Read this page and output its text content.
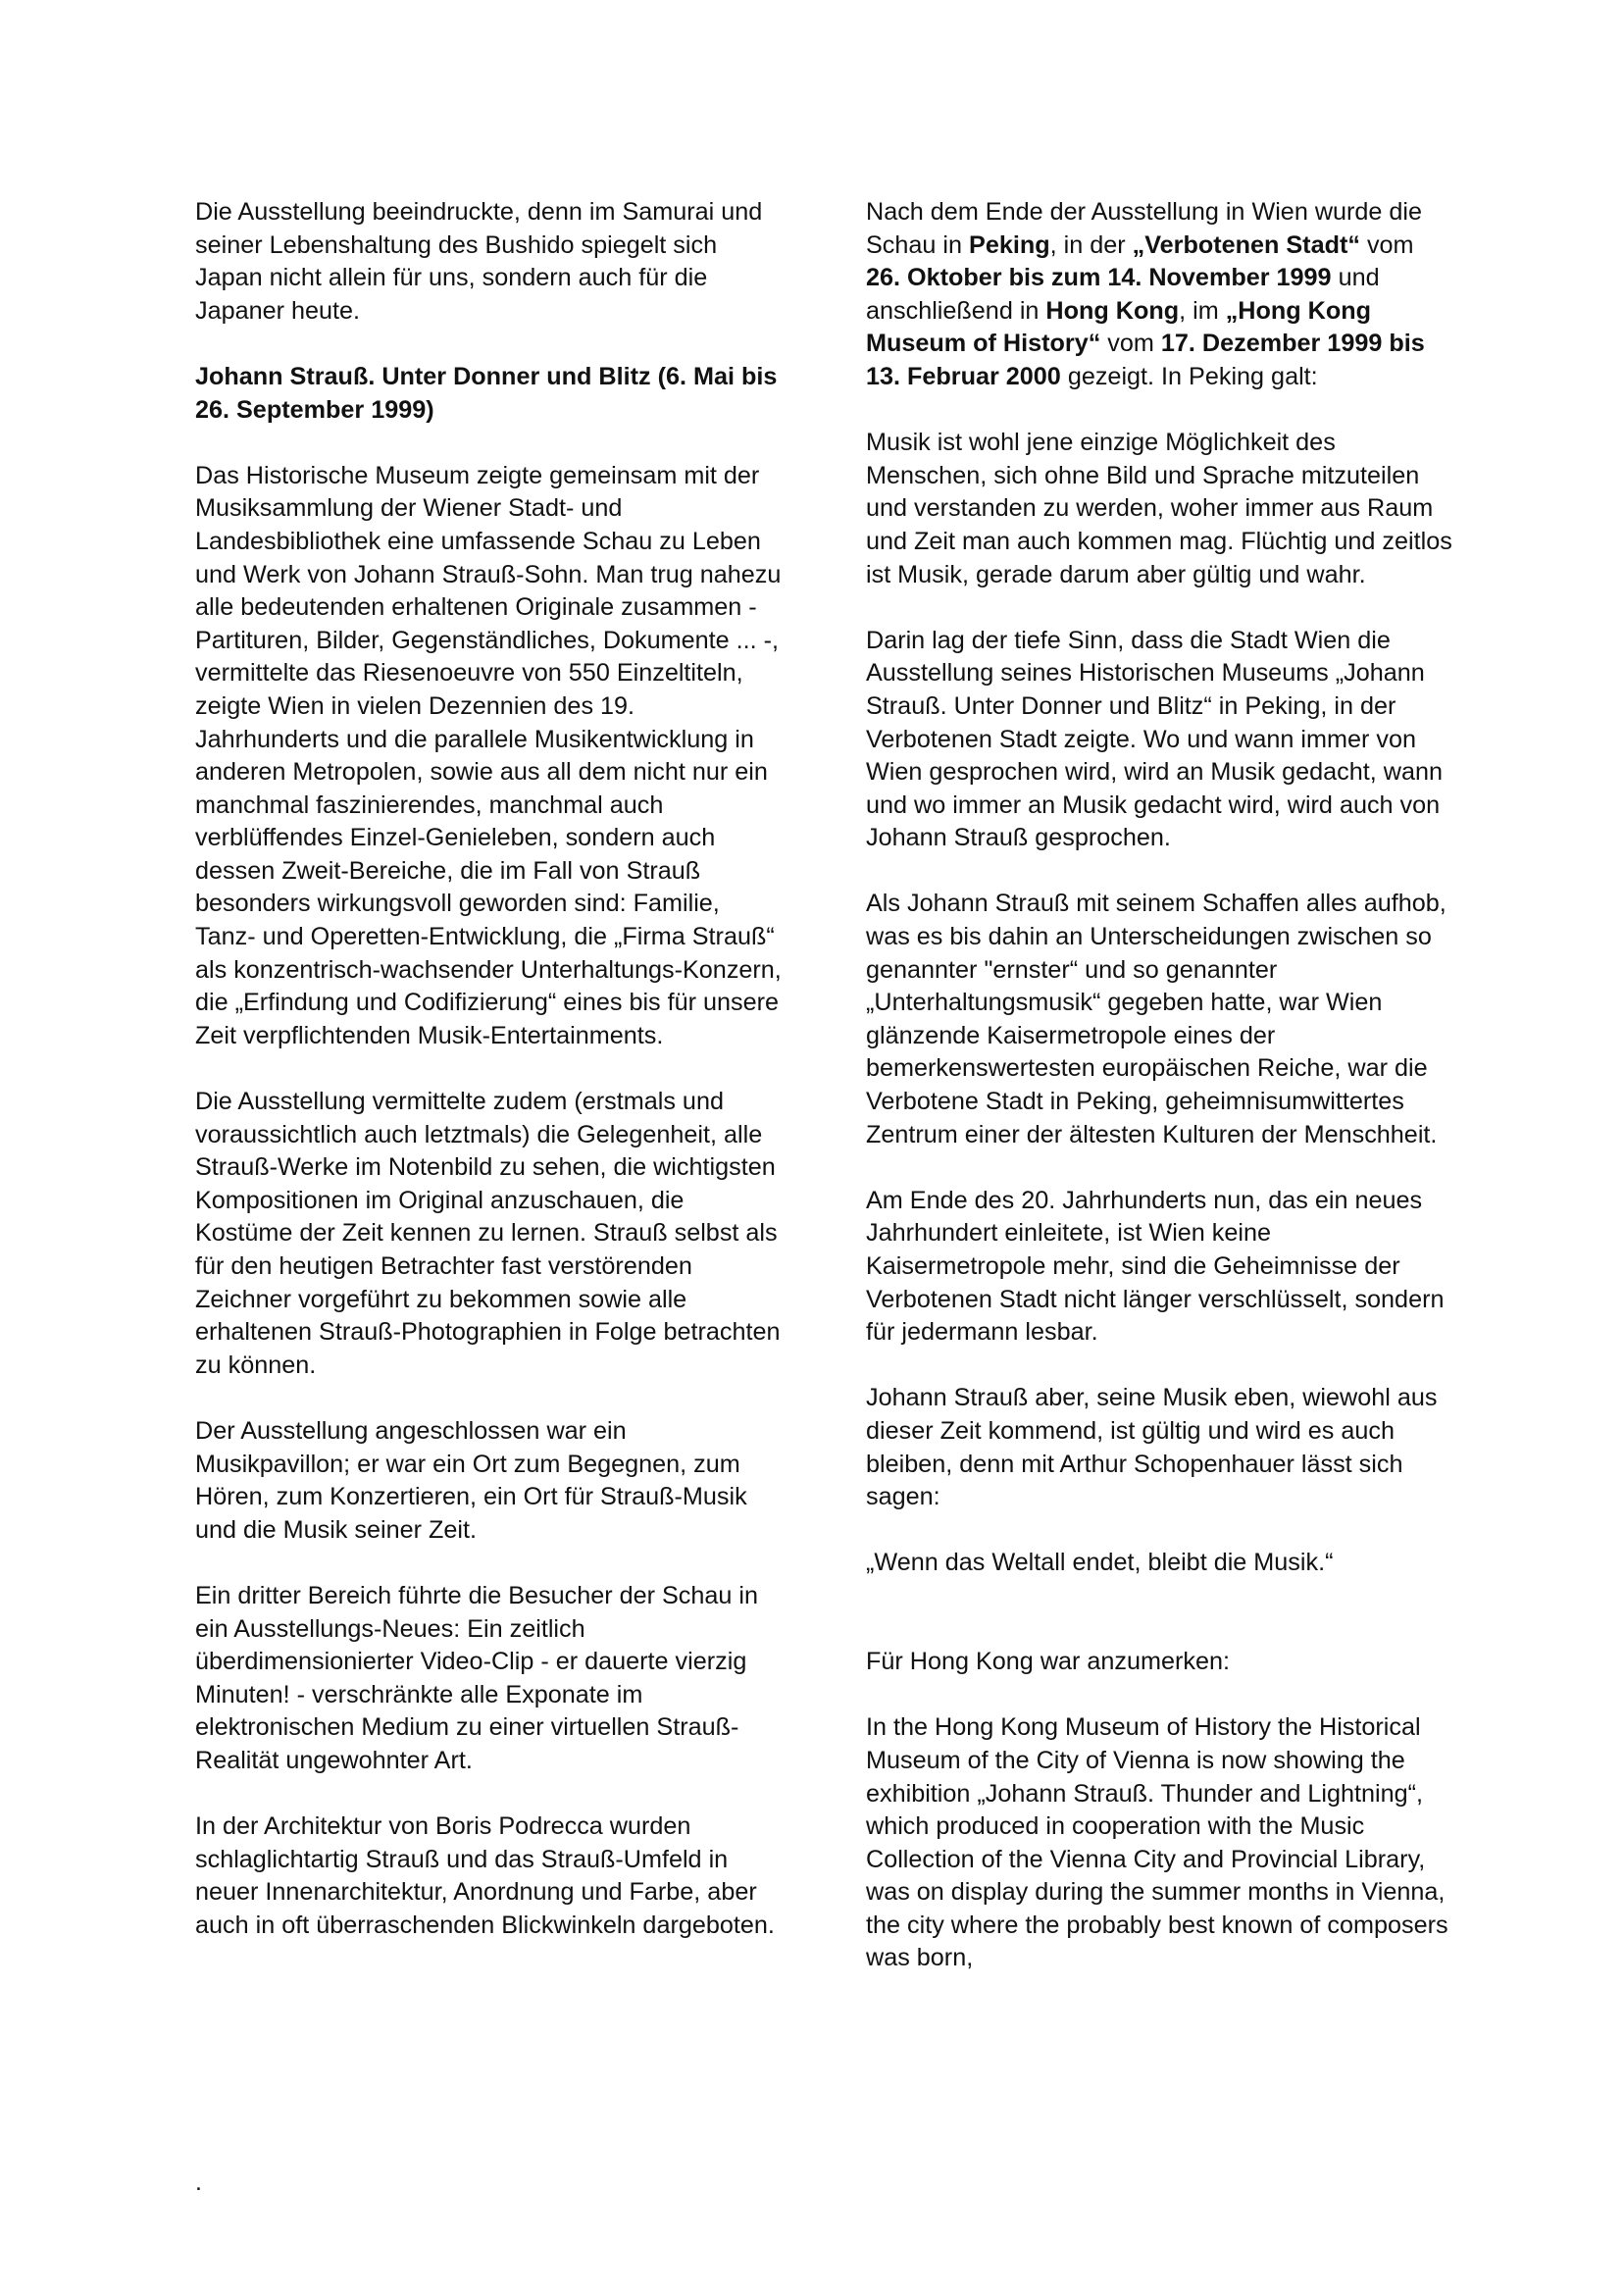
Die Ausstellung beeindruckte, denn im Samurai und seiner Lebenshaltung des Bushido spiegelt sich Japan nicht allein für uns, sondern auch für die Japaner heute.

Johann Strauß. Unter Donner und Blitz (6. Mai bis 26. September 1999)

Das Historische Museum zeigte gemeinsam mit der Musiksammlung der Wiener Stadt- und Landesbibliothek eine umfassende Schau zu Leben und Werk von Johann Strauß-Sohn. Man trug nahezu alle bedeutenden erhaltenen Originale zusammen - Partituren, Bilder, Gegenständliches, Dokumente ... -, vermittelte das Riesenoeuvre von 550 Einzeltiteln, zeigte Wien in vielen Dezennien des 19. Jahrhunderts und die parallele Musikentwicklung in anderen Metropolen, sowie aus all dem nicht nur ein manchmal faszinierendes, manchmal auch verblüffendes Einzel-Genieleben, sondern auch dessen Zweit-Bereiche, die im Fall von Strauß besonders wirkungsvoll geworden sind: Familie, Tanz- und Operetten-Entwicklung, die „Firma Strauß“ als konzentrisch-wachsender Unterhaltungs-Konzern, die „Erfindung und Codifizierung“ eines bis für unsere Zeit verpflichtenden Musik-Entertainments.

Die Ausstellung vermittelte zudem (erstmals und voraussichtlich auch letztmals) die Gelegenheit, alle Strauß-Werke im Notenbild zu sehen, die wichtigsten Kompositionen im Original anzuschauen, die Kostüme der Zeit kennen zu lernen. Strauß selbst als für den heutigen Betrachter fast verstörenden Zeichner vorgeführt zu bekommen sowie alle erhaltenen Strauß-Photographien in Folge betrachten zu können.

Der Ausstellung angeschlossen war ein Musikpavillon; er war ein Ort zum Begegnen, zum Hören, zum Konzertieren, ein Ort für Strauß-Musik und die Musik seiner Zeit.

Ein dritter Bereich führte die Besucher der Schau in ein Ausstellungs-Neues: Ein zeitlich überdimensionierter Video-Clip - er dauerte vierzig Minuten! - verschränkte alle Exponate im elektronischen Medium zu einer virtuellen Strauß-Realität ungewohnter Art.

In der Architektur von Boris Podrecca wurden schlaglichtartig Strauß und das Strauß-Umfeld in neuer Innenarchitektur, Anordnung und Farbe, aber auch in oft überraschenden Blickwinkeln dargeboten.

Nach dem Ende der Ausstellung in Wien wurde die Schau in Peking, in der „Verbotenen Stadt“ vom 26. Oktober bis zum 14. November 1999 und anschließend in Hong Kong, im „Hong Kong Museum of History“ vom 17. Dezember 1999 bis 13. Februar 2000 gezeigt. In Peking galt:

Musik ist wohl jene einzige Möglichkeit des Menschen, sich ohne Bild und Sprache mitzuteilen und verstanden zu werden, woher immer aus Raum und Zeit man auch kommen mag. Flüchtig und zeitlos ist Musik, gerade darum aber gültig und wahr.

Darin lag der tiefe Sinn, dass die Stadt Wien die Ausstellung seines Historischen Museums „Johann Strauß. Unter Donner und Blitz“ in Peking, in der Verbotenen Stadt zeigte. Wo und wann immer von Wien gesprochen wird, wird an Musik gedacht, wann und wo immer an Musik gedacht wird, wird auch von Johann Strauß gesprochen.

Als Johann Strauß mit seinem Schaffen alles aufhob, was es bis dahin an Unterscheidungen zwischen so genannter "ernster“ und so genannter „Unterhaltungsmusik“ gegeben hatte, war Wien glänzende Kaisermetropole eines der bemerkenswertesten europäischen Reiche, war die Verbotene Stadt in Peking, geheimnisumwittertes Zentrum einer der ältesten Kulturen der Menschheit.

Am Ende des 20. Jahrhunderts nun, das ein neues Jahrhundert einleitete, ist Wien keine Kaisermetropole mehr, sind die Geheimnisse der Verbotenen Stadt nicht länger verschlüsselt, sondern für jedermann lesbar.

Johann Strauß aber, seine Musik eben, wiewohl aus dieser Zeit kommend, ist gültig und wird es auch bleiben, denn mit Arthur Schopenhauer lässt sich sagen:

„Wenn das Weltall endet, bleibt die Musik.“

Für Hong Kong war anzumerken:

In the Hong Kong Museum of History the Historical Museum of the City of Vienna is now showing the exhibition „Johann Strauß. Thunder and Lightning“, which produced in cooperation with the Music Collection of the Vienna City and Provincial Library, was on display during the summer months in Vienna, the city where the probably best known of composers was born,

.
